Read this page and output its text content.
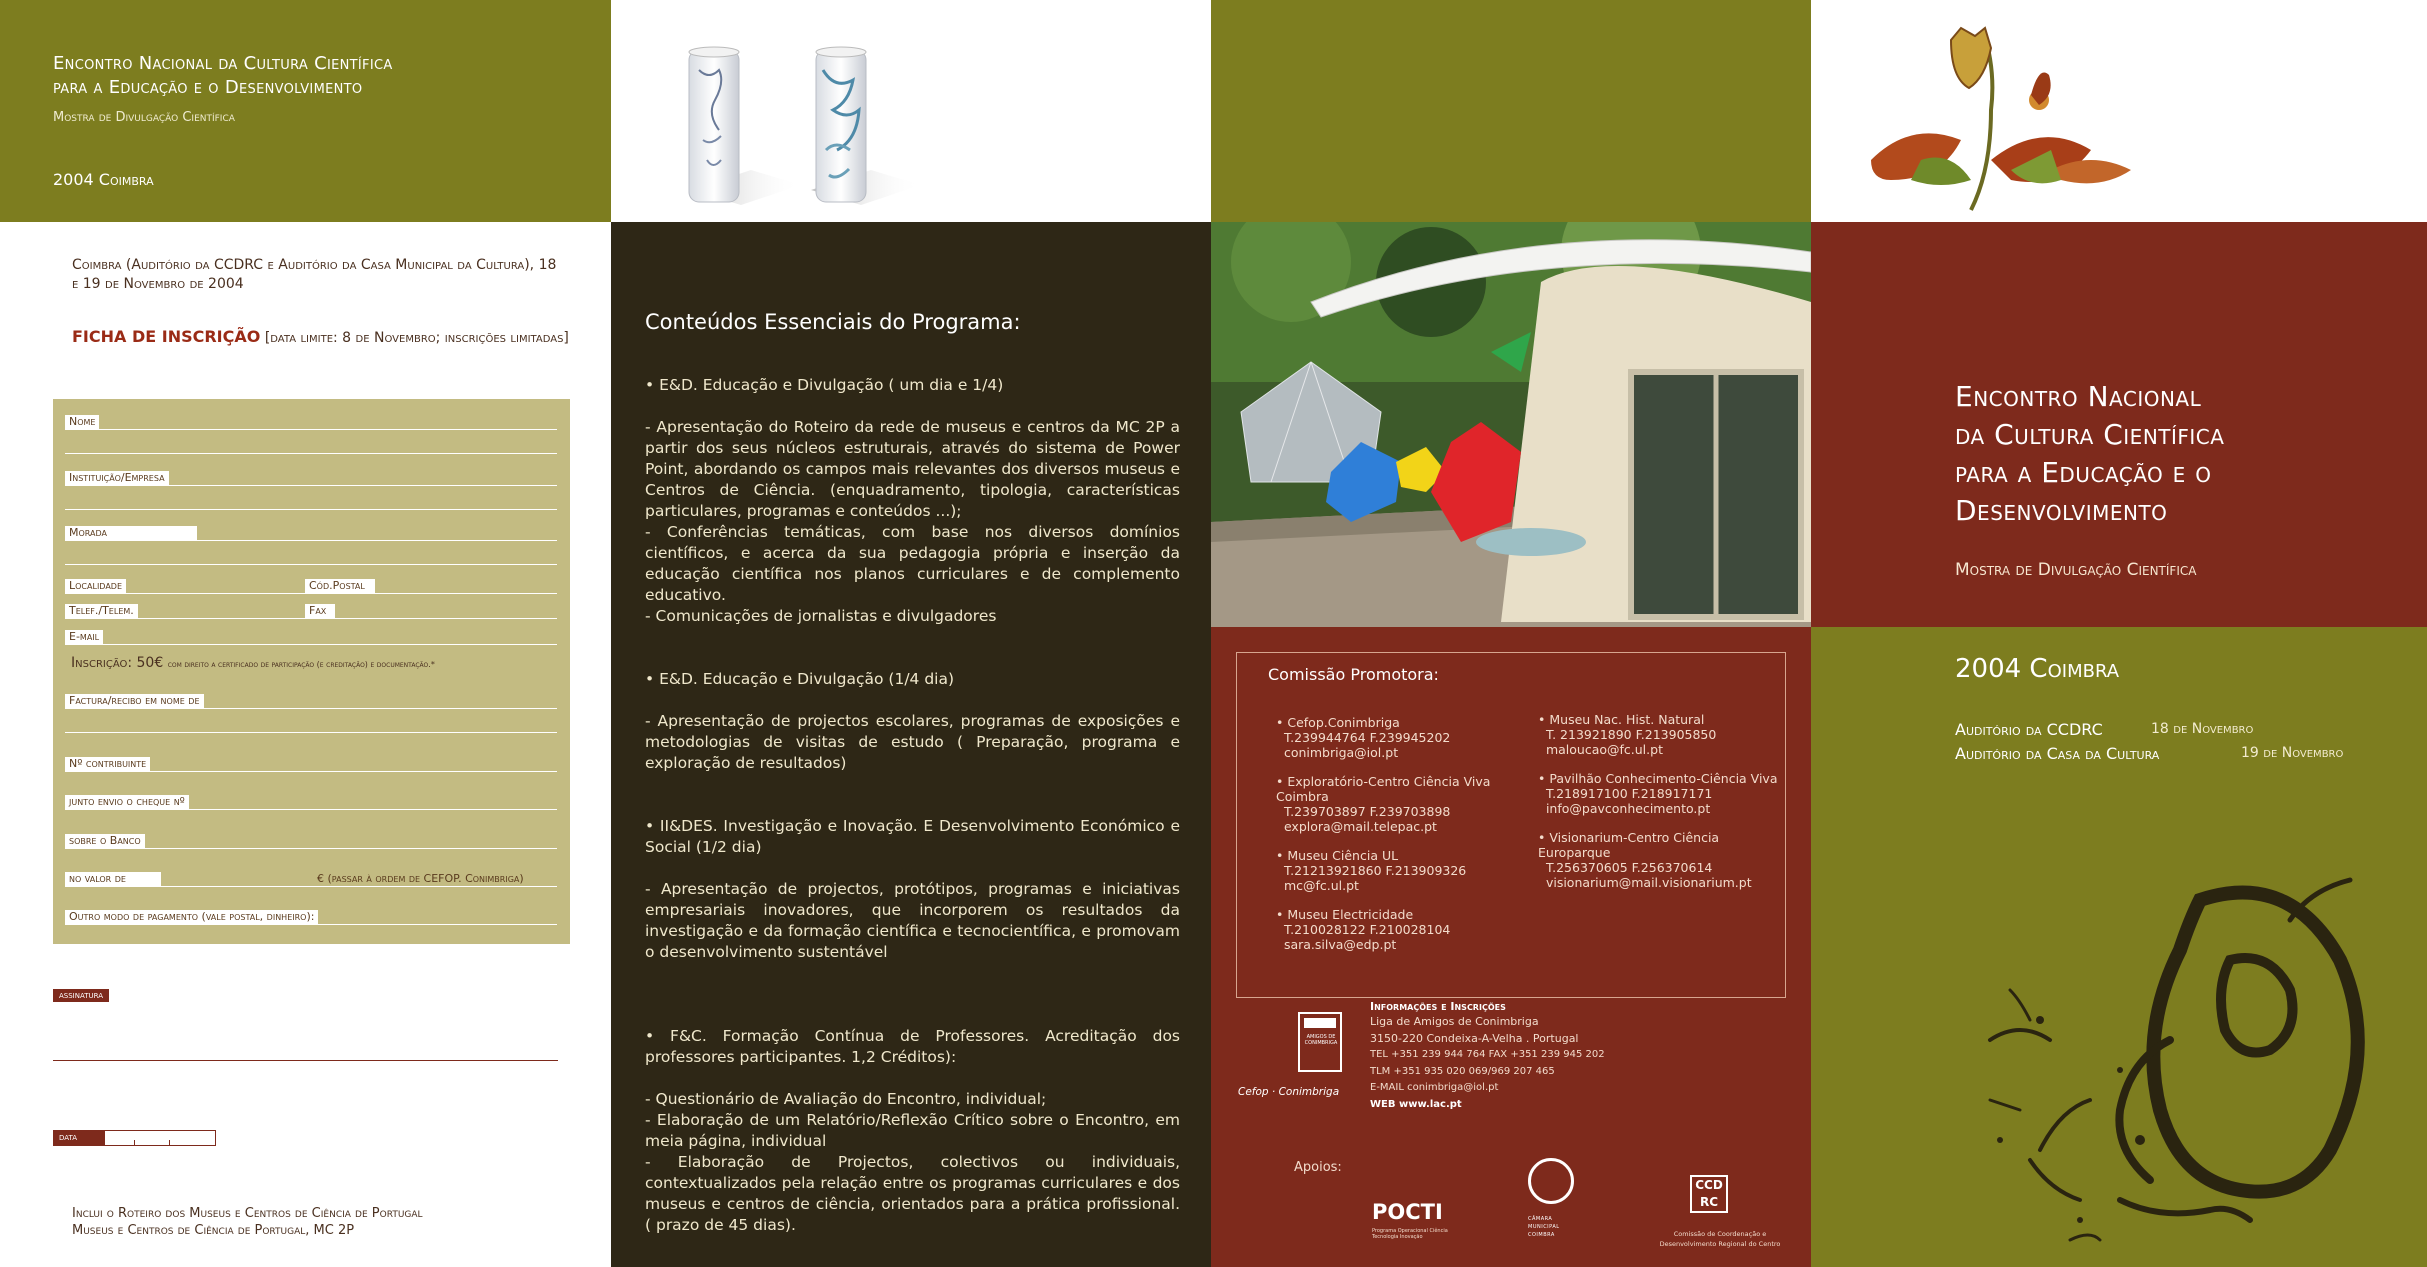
Encontro Nacional da Cultura Científica
para a Educação e o Desenvolvimento
Mostra de Divulgação Científica
2004 Coimbra
Coimbra (Auditório da CCDRC e Auditório da Casa Municipal da Cultura), 18 e 19 de Novembro de 2004
FICHA DE INSCRIÇÃO [data limite: 8 de Novembro; inscrições limitadas]
Nome
Instituição/Empresa
Morada
Localidade	Cód.Postal
Telef./Telem.	Fax
E-mail
Inscrição: 50€ com direito a certificado de participação (e creditação) e documentação.*
Factura/recibo em nome de
Nº contribuinte
junto envio o cheque nº
sobre o Banco
no valor de	€ (passar à ordem de CEFOP. Conimbriga)
Outro modo de pagamento (vale postal, dinheiro):
assinatura
data
Inclui o Roteiro dos Museus e Centros de Ciência de Portugal
Museus e Centros de Ciência de Portugal, MC 2P
Conteúdos Essenciais do Programa:

• E&D. Educação e Divulgação ( um dia e 1/4)

- Apresentação do Roteiro da rede de museus e centros da MC 2P a partir dos seus núcleos estruturais, através do sistema de Power Point, abordando os campos mais relevantes dos diversos museus e Centros de Ciência. (enquadramento, tipologia, características particulares, programas e conteúdos ...);

- Conferências temáticas, com base nos diversos domínios científicos, e acerca da sua pedagogia própria e inserção da educação científica nos planos curriculares e de complemento educativo.

- Comunicações de jornalistas e divulgadores

• E&D. Educação e Divulgação (1/4 dia)

- Apresentação de projectos escolares, programas de exposições e metodologias de visitas de estudo ( Preparação, programa e exploração de resultados)

• II&DES. Investigação e Inovação. E Desenvolvimento Económico e Social (1/2 dia)

- Apresentação de projectos, protótipos, programas e iniciativas empresariais inovadores, que incorporem os resultados da investigação e da formação científica e tecnocientífica, e promovam o desenvolvimento sustentável

• F&C. Formação Contínua de Professores. Acreditação dos professores participantes. 1,2 Créditos):

- Questionário de Avaliação do Encontro, individual;

- Elaboração de um Relatório/Reflexão Crítico sobre o Encontro, em meia página, individual

- Elaboração de Projectos, colectivos ou individuais, contextualizados pela relação entre os programas curriculares e dos museus e centros de ciência, orientados para a prática profissional. ( prazo de 45 dias).

Comissão Promotora:
• Cefop.Conimbriga
T.239944764 F.239945202
conimbriga@iol.pt
• Exploratório-Centro Ciência Viva Coimbra
T.239703897 F.239703898
explora@mail.telepac.pt
• Museu Ciência UL
T.21213921860 F.213909326
mc@fc.ul.pt
• Museu Electricidade
T.210028122 F.210028104
sara.silva@edp.pt
• Museu Nac. Hist. Natural
T. 213921890 F.213905850
maloucao@fc.ul.pt
• Pavilhão Conhecimento-Ciência Viva
T.218917100 F.218917171
info@pavconhecimento.pt
• Visionarium-Centro Ciência Europarque
T.256370605 F.256370614
visionarium@mail.visionarium.pt
AMIGOS DE CONIMBRIGA
Cefop · Conimbriga
Informações e Inscrições
Liga de Amigos de Conimbriga
3150-220 Condeixa-A-Velha . Portugal
TEL +351 239 944 764 FAX +351 239 945 202
TLM +351 935 020 069/969 207 465
E-MAIL conimbriga@iol.pt
WEB www.lac.pt
Apoios:
POCTI
Programa Operacional Ciência Tecnologia Inovação
CÂMARA MUNICIPAL COIMBRA
CCDRC
Comissão de Coordenação e
Desenvolvimento Regional do Centro
Encontro Nacional
da Cultura Científica
para a Educação e o
Desenvolvimento
Mostra de Divulgação Científica
2004 Coimbra
Auditório da CCDRC	18 de Novembro
Auditório da Casa da Cultura	19 de Novembro
